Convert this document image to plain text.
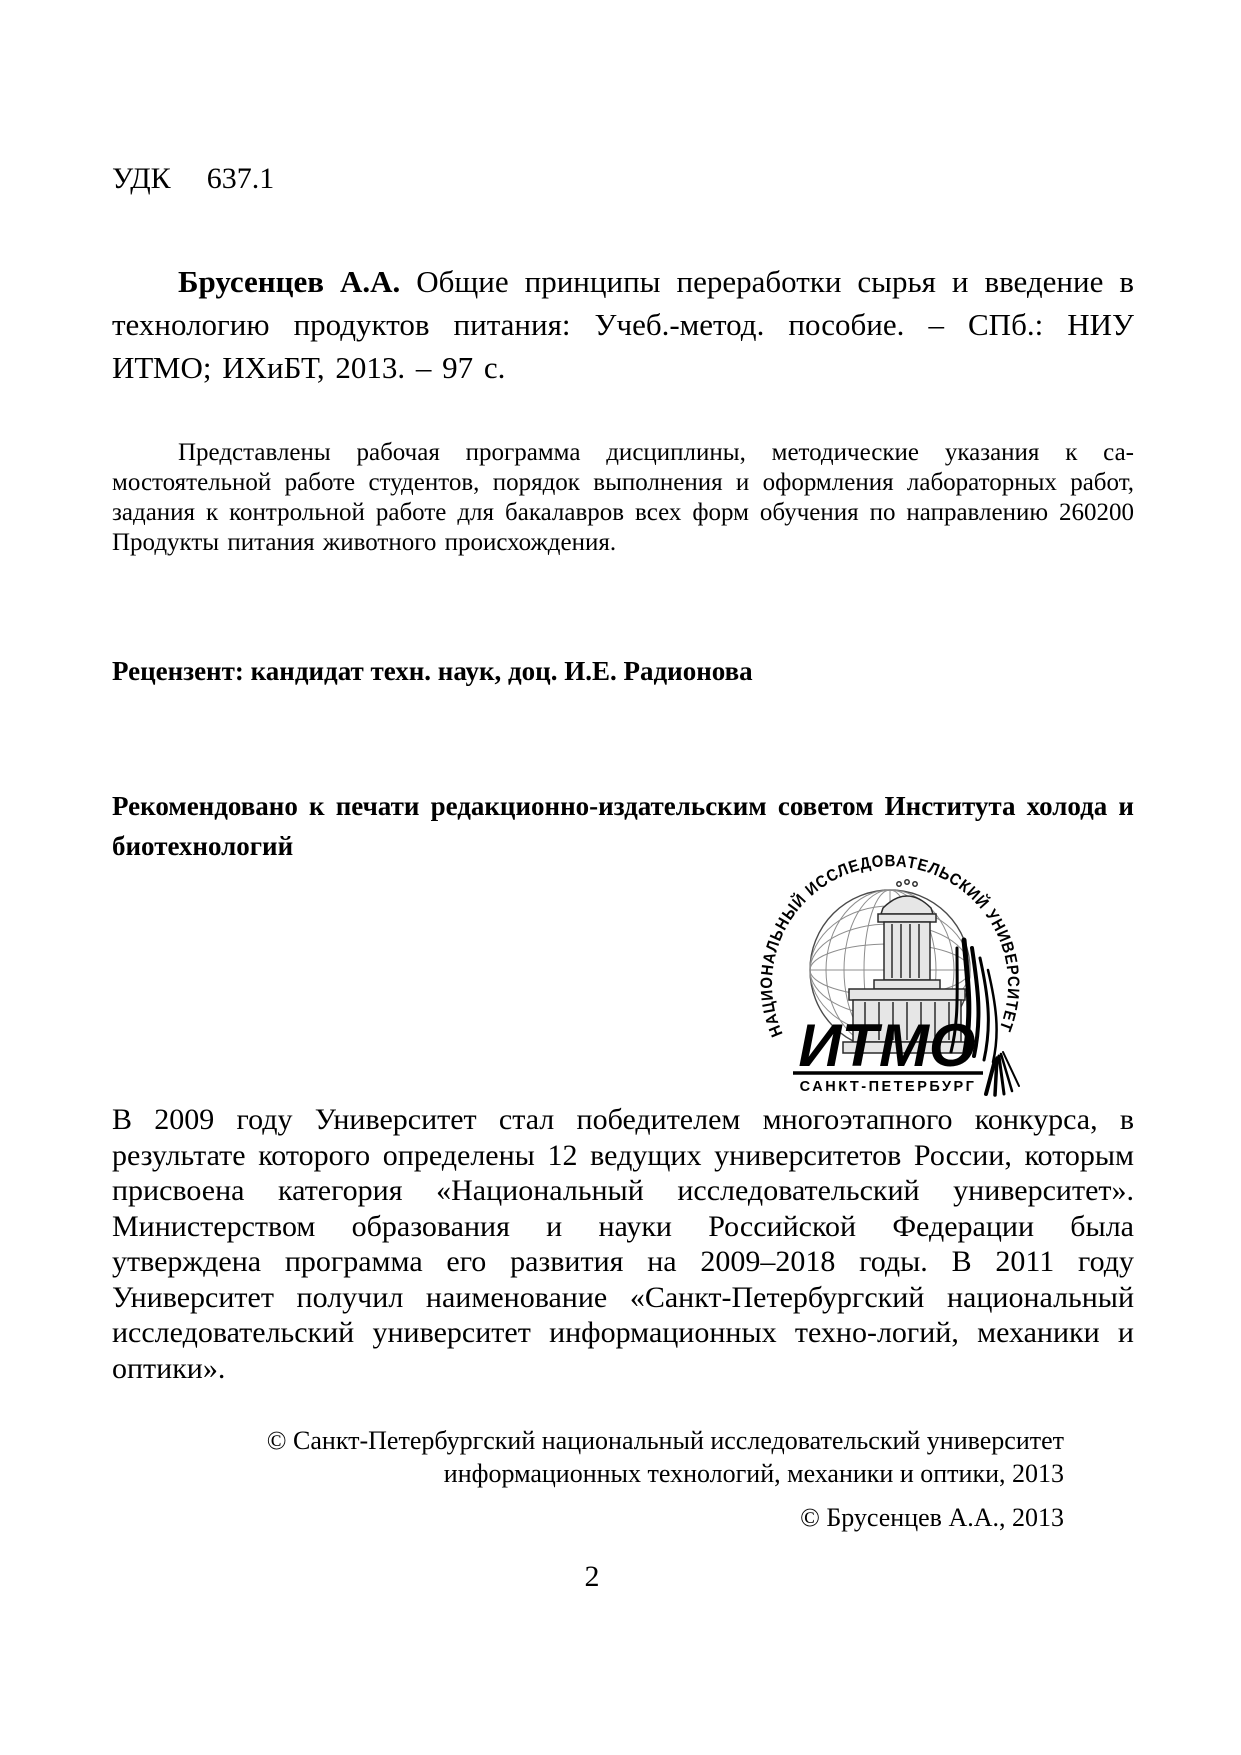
УДК 637.1

Брусенцев А.А. Общие принципы переработки сырья и введение в технологию продуктов питания: Учеб.-метод. пособие. – СПб.: НИУ ИТМО; ИХиБТ, 2013. – 97 с.

Представлены рабочая программа дисциплины, методические указания к самостоятельной работе студентов, порядок выполнения и оформления лабораторных работ, задания к контрольной работе для бакалавров всех форм обучения по направлению 260200 Продукты питания животного происхождения.

Рецензент: кандидат техн. наук, доц. И.Е. Радионова

Рекомендовано к печати редакционно-издательским советом Института холода и биотехнологий

НАЦИОНАЛЬНЫЙ ИССЛЕДОВАТЕЛЬСКИЙ УНИВЕРСИТЕТ
ИТМО
САНКТ-ПЕТЕРБУРГ

В 2009 году Университет стал победителем многоэтапного конкурса, в результате которого определены 12 ведущих университетов России, которым присвоена категория «Национальный исследовательский университет». Министерством образования и науки Российской Федерации была утверждена программа его развития на 2009–2018 годы. В 2011 году Университет получил наименование «Санкт-Петербургский национальный исследовательский университет информационных техно-логий, механики и оптики».

© Санкт-Петербургский национальный исследовательский университет
информационных технологий, механики и оптики, 2013
© Брусенцев А.А., 2013
2
